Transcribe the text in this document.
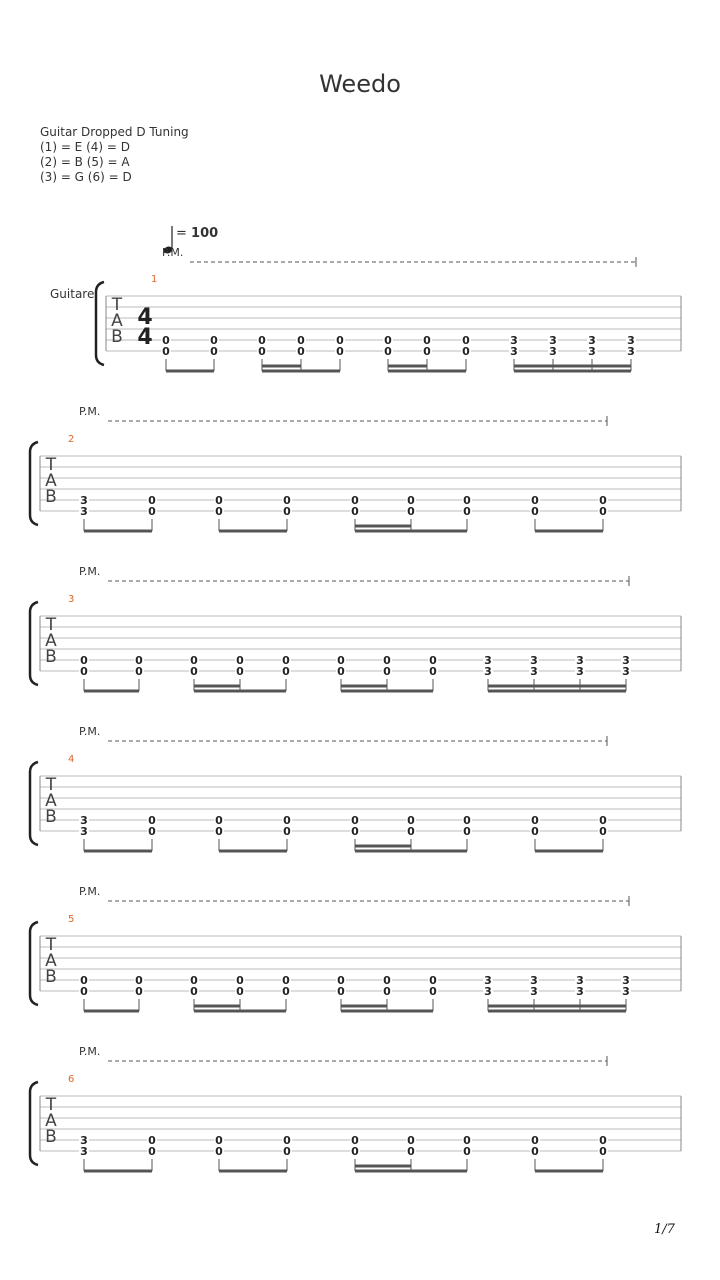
Weedo
Guitar Dropped D Tuning
(1) = E (4) = D
(2) = B (5) = A
(3) = G (6) = D
= 100
Guitare
P.M.
1
T
A
B
4
4 0
0
0
0
0
0
0
0
0
0
0
0
0
0
0
0
3
3
3
3
3
3
3
3
P.M.
2
T
A
B 3
3
0
0
0
0
0
0
0
0
0
0
0
0
0
0
0
0
P.M.
3
T
A
B 0
0
0
0
0
0
0
0
0
0
0
0
0
0
0
0
3
3
3
3
3
3
3
3
P.M.
4
T
A
B 3
3
0
0
0
0
0
0
0
0
0
0
0
0
0
0
0
0
P.M.
5
T
A
B 0
0
0
0
0
0
0
0
0
0
0
0
0
0
0
0
3
3
3
3
3
3
3
3
P.M.
6
T
A
B 3
3
0
0
0
0
0
0
0
0
0
0
0
0
0
0
0
0
1/7
